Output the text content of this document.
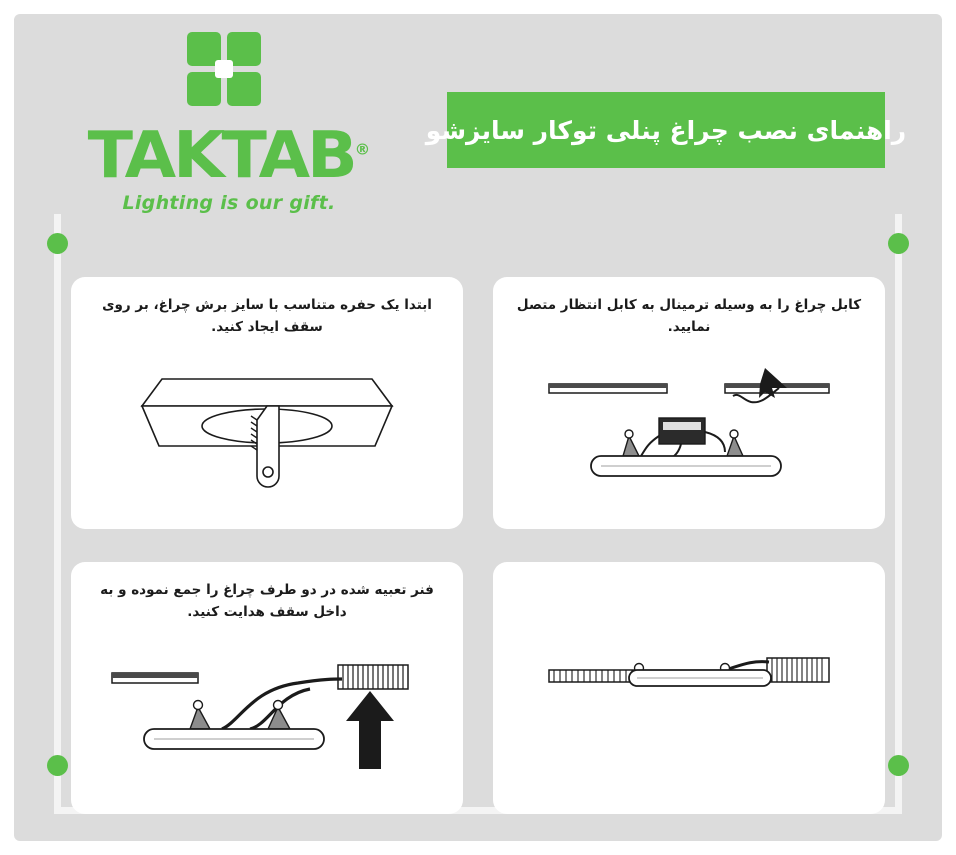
TAKTAB®
Lighting is our gift.
راهنمای نصب چراغ پنلی توکار سایزشو
ابتدا یک حفره متناسب با سایز برش چراغ، بر روی سقف ایجاد کنید.
کابل چراغ را به وسیله ترمینال به کابل انتظار متصل نمایید.
فنر تعبیه شده در دو طرف چراغ را جمع نموده و به داخل سقف هدایت کنید.
